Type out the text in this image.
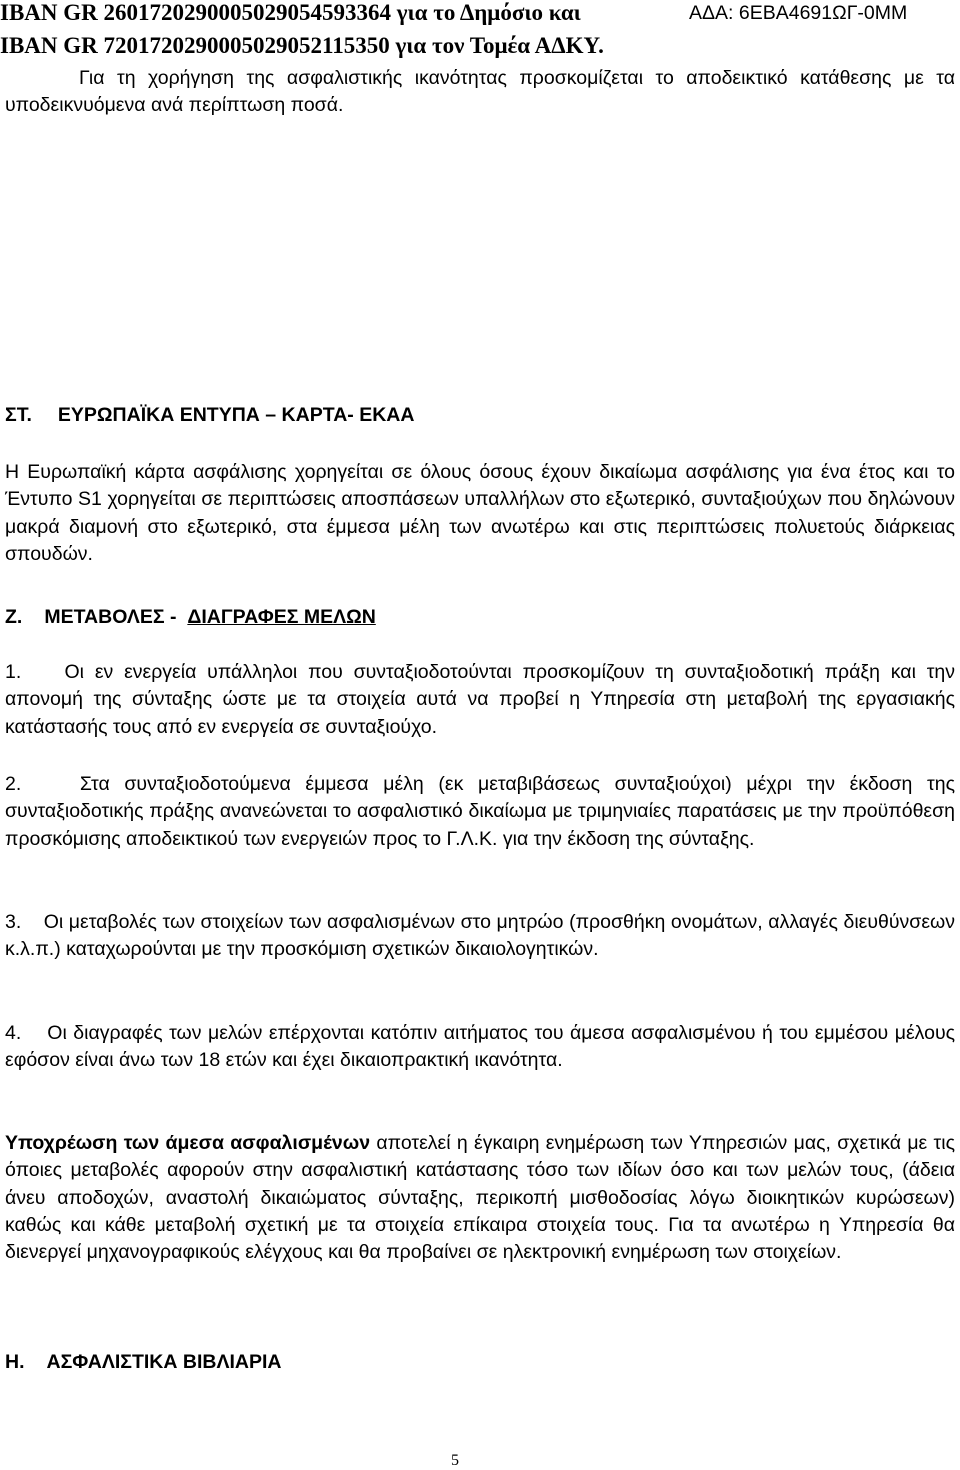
IBAN GR 2601720290005029054593364 για το Δημόσιο και	ΑΔΑ: 6ΕΒΑ4691ΩΓ-0ΜΜ
IBAN GR 7201720290005029052115350 για τον Τομέα ΑΔΚΥ.

Για τη χορήγηση της ασφαλιστικής ικανότητας προσκομίζεται το αποδεικτικό κατάθεσης με τα υποδεικνυόμενα ανά περίπτωση ποσά.

ΣΤ. ΕΥΡΩΠΑΪΚΑ ΕΝΤΥΠΑ – ΚΑΡΤΑ- ΕΚΑΑ

Η Ευρωπαϊκή κάρτα ασφάλισης χορηγείται σε όλους όσους έχουν δικαίωμα ασφάλισης για ένα έτος και το Έντυπο S1 χορηγείται σε περιπτώσεις αποσπάσεων υπαλλήλων στο εξωτερικό, συνταξιούχων που δηλώνουν μακρά διαμονή στο εξωτερικό, στα έμμεσα μέλη των ανωτέρω και στις περιπτώσεις πολυετούς διάρκειας σπουδών.

Ζ. ΜΕΤΑΒΟΛΕΣ - ΔΙΑΓΡΑΦΕΣ ΜΕΛΩΝ

1. Οι εν ενεργεία υπάλληλοι που συνταξιοδοτούνται προσκομίζουν τη συνταξιοδοτική πράξη και την απονομή της σύνταξης ώστε με τα στοιχεία αυτά να προβεί η Υπηρεσία στη μεταβολή της εργασιακής κατάστασής τους από εν ενεργεία σε συνταξιούχο.

2.	Στα συνταξιοδοτούμενα έμμεσα μέλη (εκ μεταβιβάσεως συνταξιούχοι) μέχρι την έκδοση της συνταξιοδοτικής πράξης ανανεώνεται το ασφαλιστικό δικαίωμα με τριμηνιαίες παρατάσεις με την προϋπόθεση προσκόμισης αποδεικτικού των ενεργειών προς το Γ.Λ.Κ. για την έκδοση της σύνταξης.

3. Οι μεταβολές των στοιχείων των ασφαλισμένων στο μητρώο (προσθήκη ονομάτων, αλλαγές διευθύνσεων κ.λ.π.) καταχωρούνται με την προσκόμιση σχετικών δικαιολογητικών.

4. Οι διαγραφές των μελών επέρχονται κατόπιν αιτήματος του άμεσα ασφαλισμένου ή του εμμέσου μέλους εφόσον είναι άνω των 18 ετών και έχει δικαιοπρακτική ικανότητα.

Υποχρέωση των άμεσα ασφαλισμένων αποτελεί η έγκαιρη ενημέρωση των Υπηρεσιών μας, σχετικά με τις όποιες μεταβολές αφορούν στην ασφαλιστική κατάστασης τόσο των ιδίων όσο και των μελών τους, (άδεια άνευ αποδοχών, αναστολή δικαιώματος σύνταξης, περικοπή μισθοδοσίας λόγω διοικητικών κυρώσεων) καθώς και κάθε μεταβολή σχετική με τα στοιχεία επίκαιρα στοιχεία τους. Για τα ανωτέρω η Υπηρεσία θα διενεργεί μηχανογραφικούς ελέγχους και θα προβαίνει σε ηλεκτρονική ενημέρωση των στοιχείων.

Η. ΑΣΦΑΛΙΣΤΙΚΑ ΒΙΒΛΙΑΡΙΑ
5
